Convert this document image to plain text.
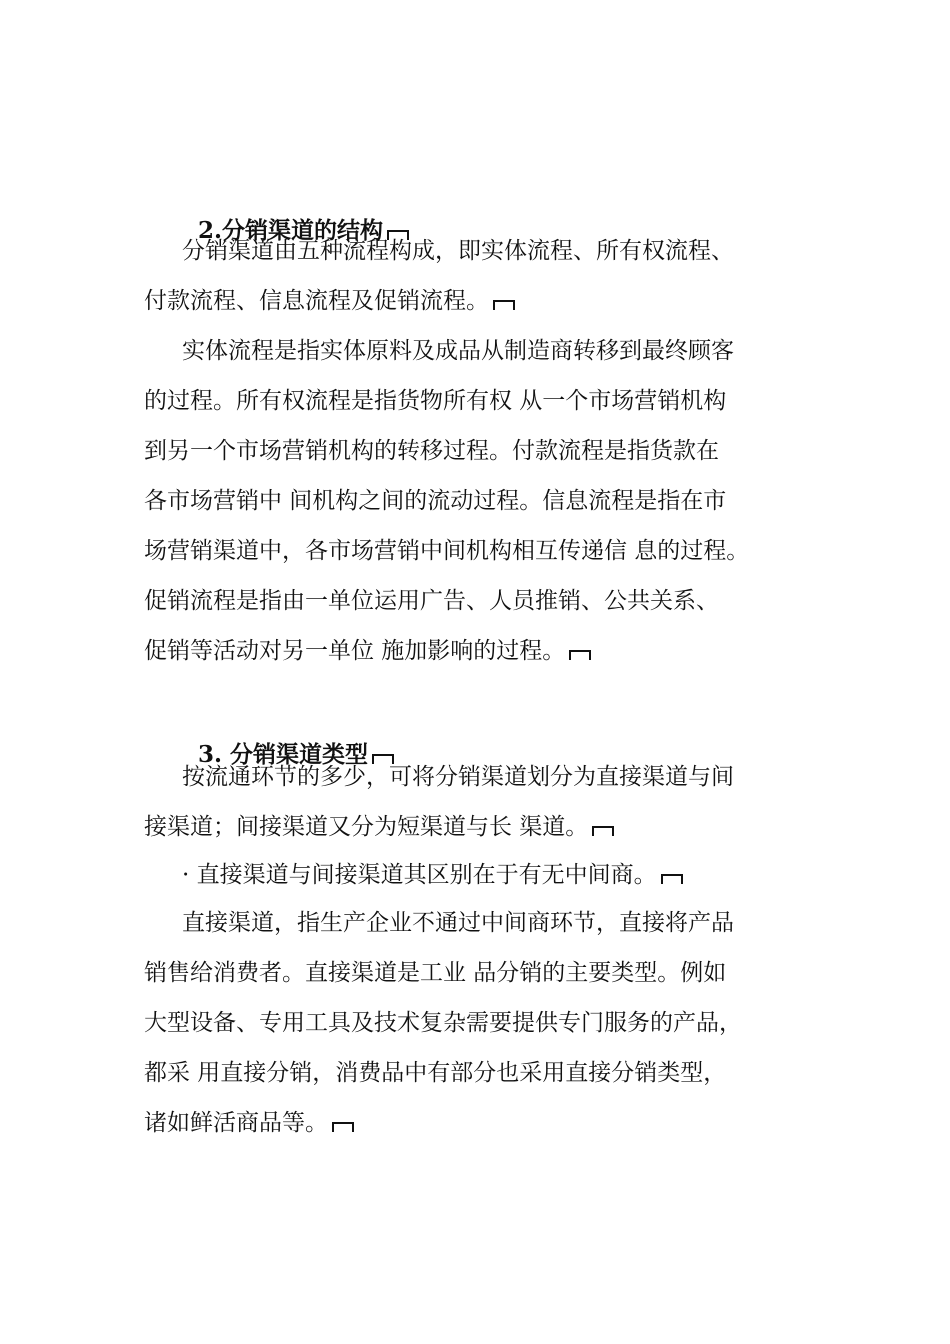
2.分销渠道的结构

分销渠道由五种流程构成，即实体流程、所有权流程、
付款流程、信息流程及促销流程。
实体流程是指实体原料及成品从制造商转移到最终顾客
的过程。所有权流程是指货物所有权 从一个市场营销机构
到另一个市场营销机构的转移过程。付款流程是指货款在
各市场营销中 间机构之间的流动过程。信息流程是指在市
场营销渠道中，各市场营销中间机构相互传递信 息的过程。
促销流程是指由一单位运用广告、人员推销、公共关系、
促销等活动对另一单位 施加影响的过程。

3. 分销渠道类型

按流通环节的多少，可将分销渠道划分为直接渠道与间
接渠道；间接渠道又分为短渠道与长 渠道。
· 直接渠道与间接渠道其区别在于有无中间商。
直接渠道，指生产企业不通过中间商环节，直接将产品
销售给消费者。直接渠道是工业 品分销的主要类型。例如
大型设备、专用工具及技术复杂需要提供专门服务的产品，
都采 用直接分销，消费品中有部分也采用直接分销类型，
诸如鲜活商品等。
